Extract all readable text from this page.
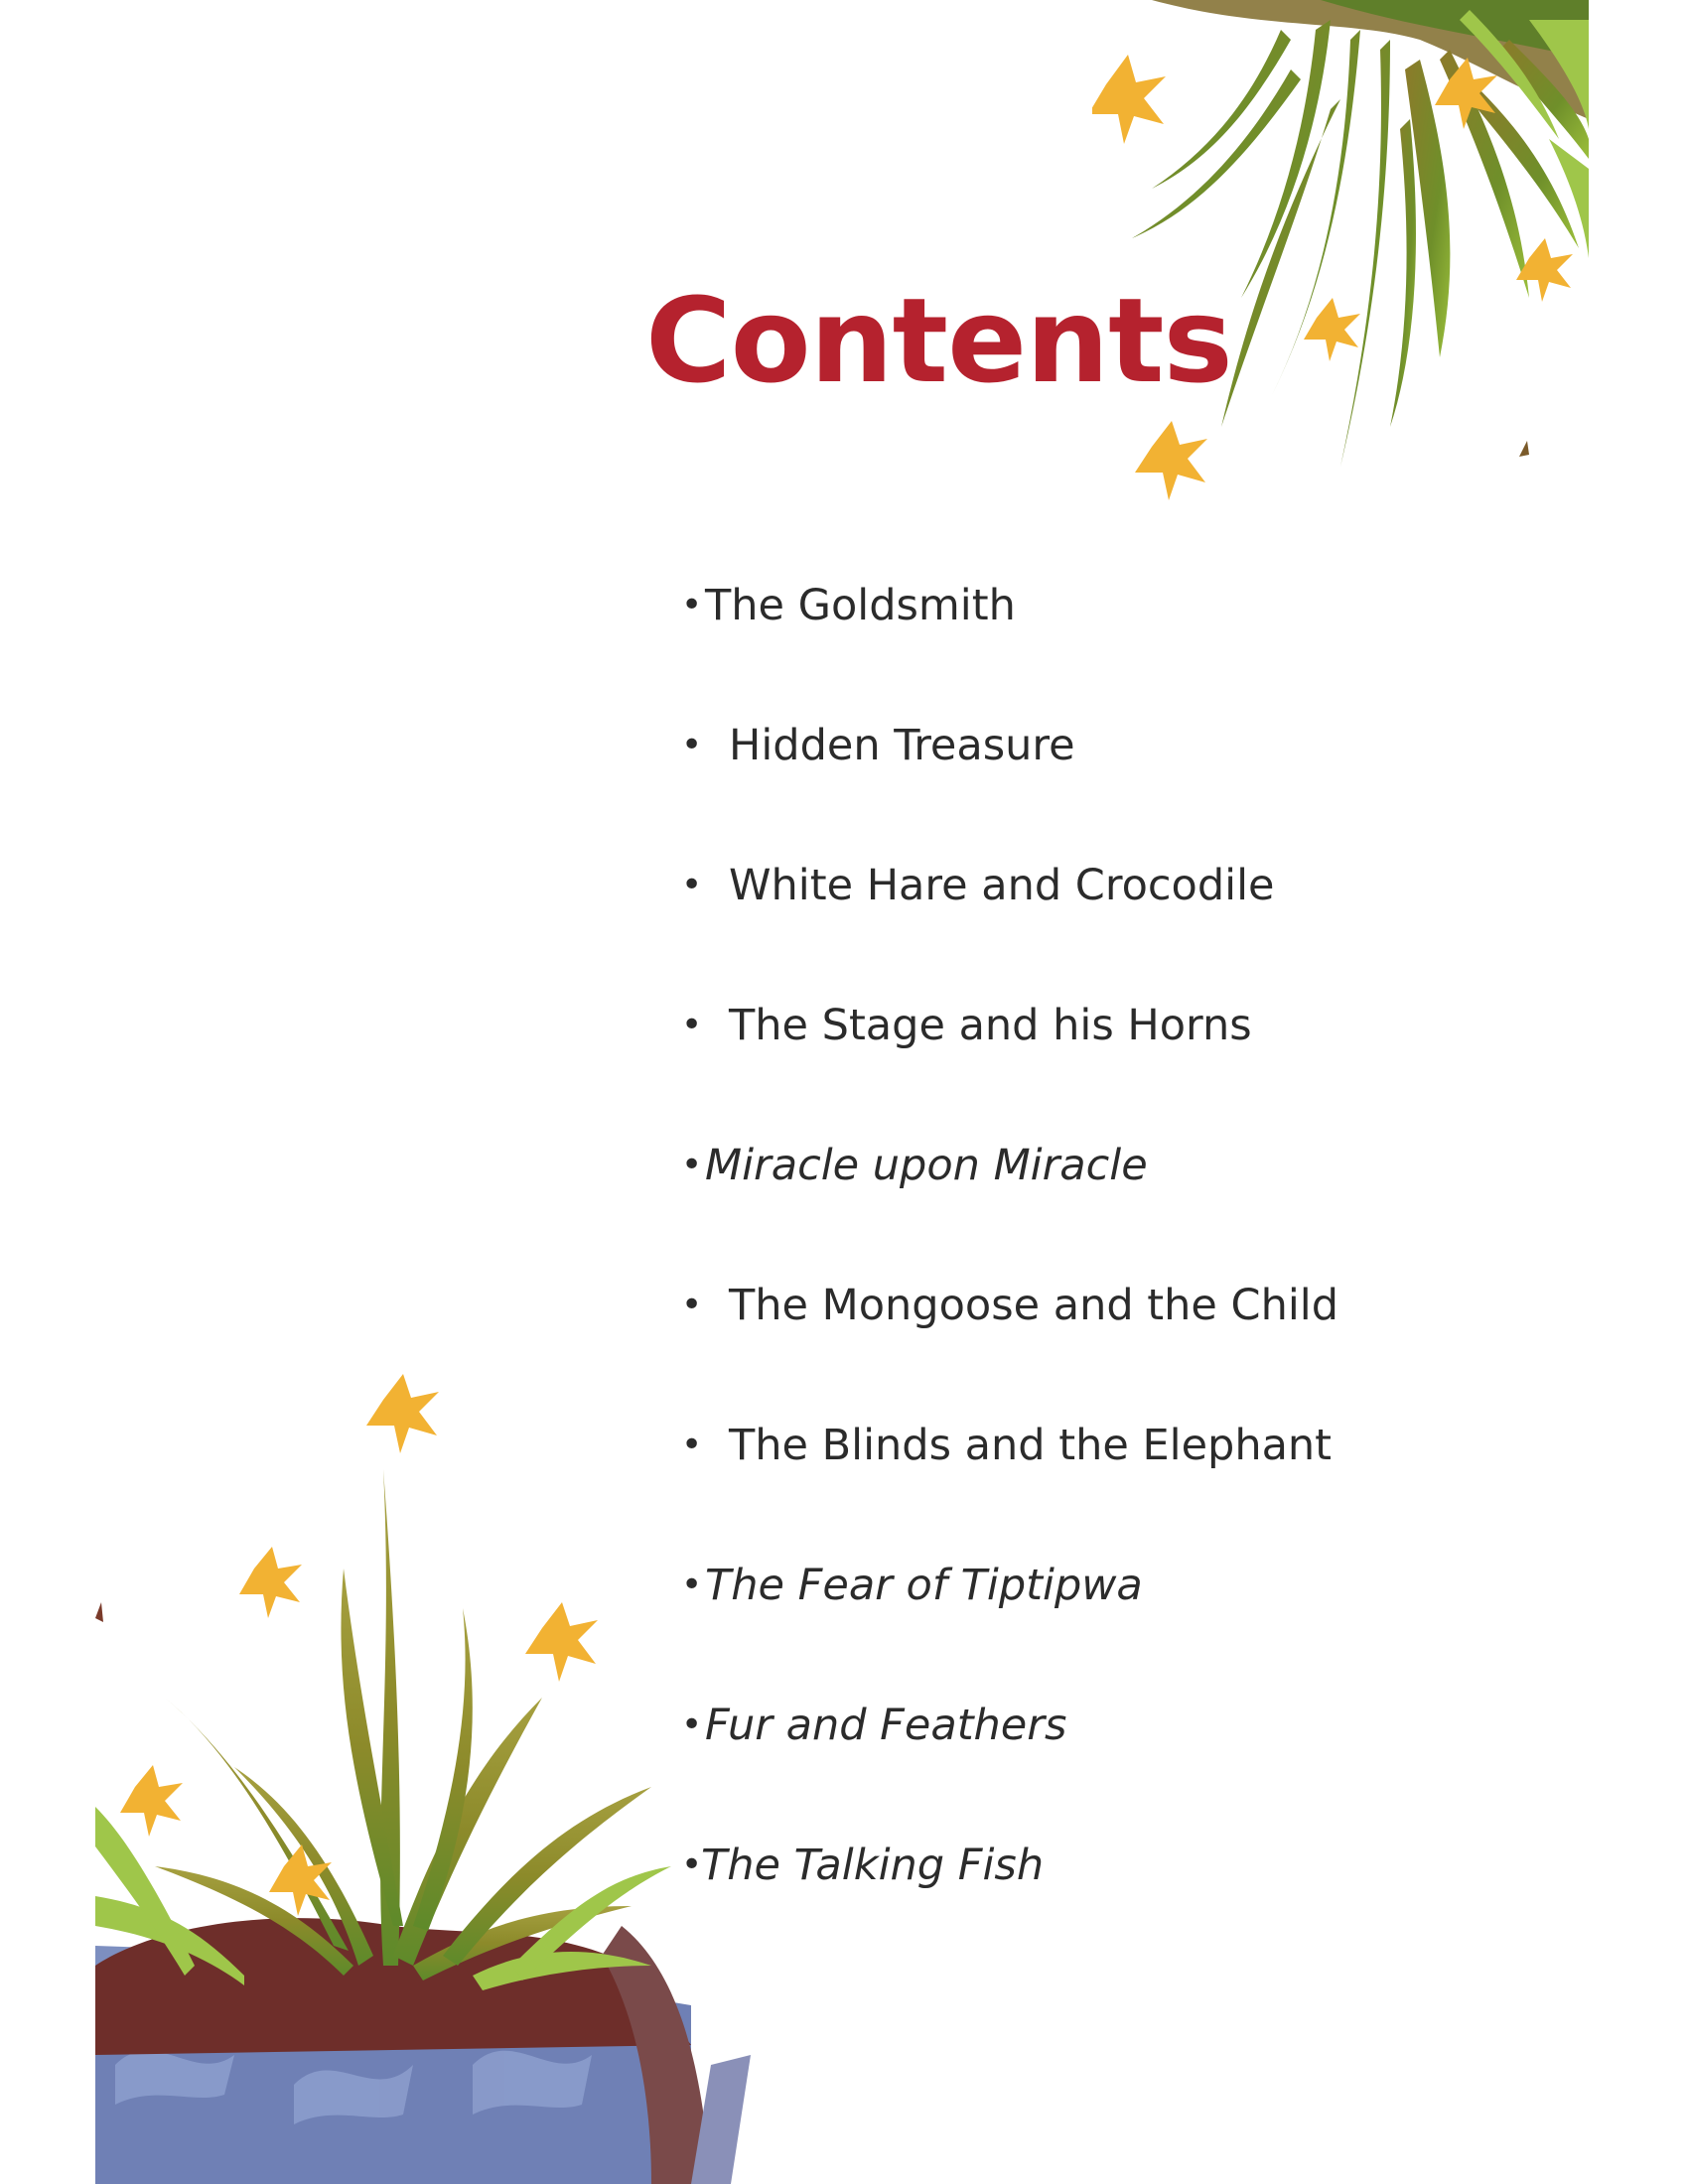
Contents
• The Goldsmith
• Hidden Treasure
• White Hare and Crocodile
• The Stage and his Horns
• Miracle upon Miracle
• The Mongoose and the Child
• The Blinds and the Elephant
• The Fear of Tiptipwa
• Fur and Feathers
•
The Talking Fish
